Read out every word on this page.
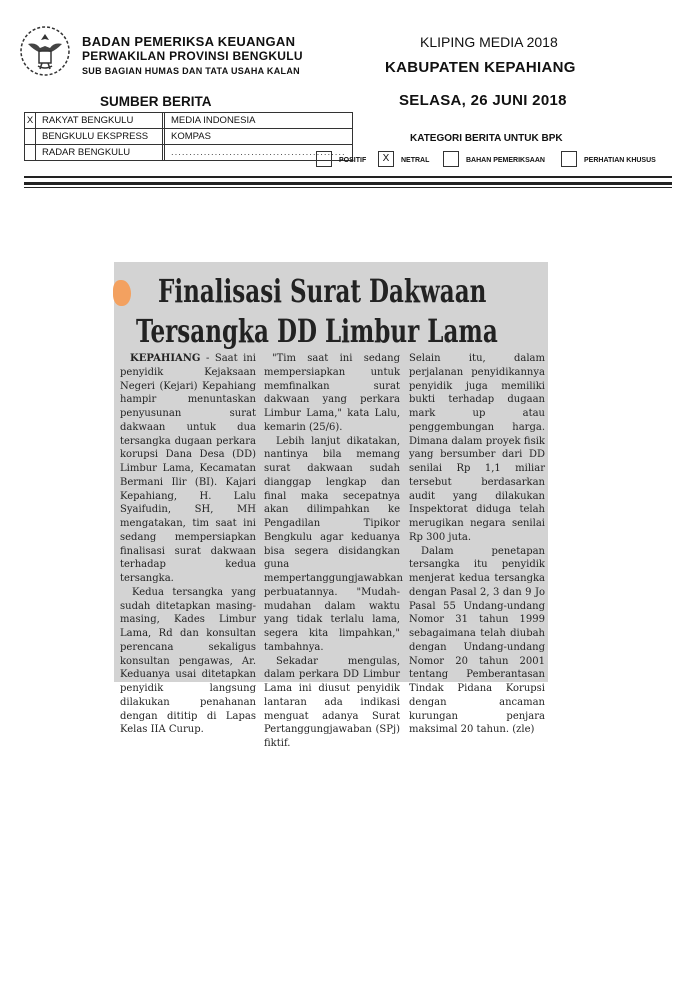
BADAN PEMERIKSA KEUANGAN
PERWAKILAN PROVINSI BENGKULU
SUB BAGIAN HUMAS DAN TATA USAHA KALAN
KLIPING MEDIA 2018
KABUPATEN KEPAHIANG
SELASA, 26 JUNI 2018
SUMBER BERITA
X	RAKYAT BENGKULU		MEDIA INDONESIA
	BENGKULU EKSPRESS		KOMPAS
	RADAR BENGKULU		................................................
KATEGORI BERITA UNTUK BPK
POSITIF	X	NETRAL	BAHAN PEMERIKSAAN	PERHATIAN KHUSUS
Finalisasi Surat Dakwaan
Tersangka DD Limbur Lama

KEPAHIANG - Saat ini penyidik Kejaksaan Negeri (Kejari) Kepahiang hampir menuntaskan penyusunan surat dakwaan untuk dua tersangka dugaan perkara korupsi Dana Desa (DD) Limbur Lama, Kecamatan Bermani Ilir (BI). Kajari Kepahiang, H. Lalu Syaifudin, SH, MH mengatakan, tim saat ini sedang mempersiapkan finalisasi surat dakwaan terhadap kedua tersangka.

Kedua tersangka yang sudah ditetapkan masing-masing, Kades Limbur Lama, Rd dan konsultan perencana sekaligus konsultan pengawas, Ar. Keduanya usai ditetapkan penyidik langsung dilakukan penahanan dengan dititip di Lapas Kelas IIA Curup.

"Tim saat ini sedang mempersiapkan untuk memfinalkan surat dakwaan yang perkara Limbur Lama," kata Lalu, kemarin (25/6).

Lebih lanjut dikatakan, nantinya bila memang surat dakwaan sudah dianggap lengkap dan final maka secepatnya akan dilimpahkan ke Pengadilan Tipikor Bengkulu agar keduanya bisa segera disidangkan guna mempertanggungjawabkan perbuatannya. "Mudah-mudahan dalam waktu yang tidak terlalu lama, segera kita limpahkan," tambahnya.

Sekadar mengulas, dalam perkara DD Limbur Lama ini diusut penyidik lantaran ada indikasi menguat adanya Surat Pertanggungjawaban (SPj) fiktif.

Selain itu, dalam perjalanan penyidikannya penyidik juga memiliki bukti terhadap dugaan mark up atau penggembungan harga. Dimana dalam proyek fisik yang bersumber dari DD senilai Rp 1,1 miliar tersebut berdasarkan audit yang dilakukan Inspektorat diduga telah merugikan negara senilai Rp 300 juta.

Dalam penetapan tersangka itu penyidik menjerat kedua tersangka dengan Pasal 2, 3 dan 9 Jo Pasal 55 Undang-undang Nomor 31 tahun 1999 sebagaimana telah diubah dengan Undang-undang Nomor 20 tahun 2001 tentang Pemberantasan Tindak Pidana Korupsi dengan ancaman kurungan penjara maksimal 20 tahun. (zle)
